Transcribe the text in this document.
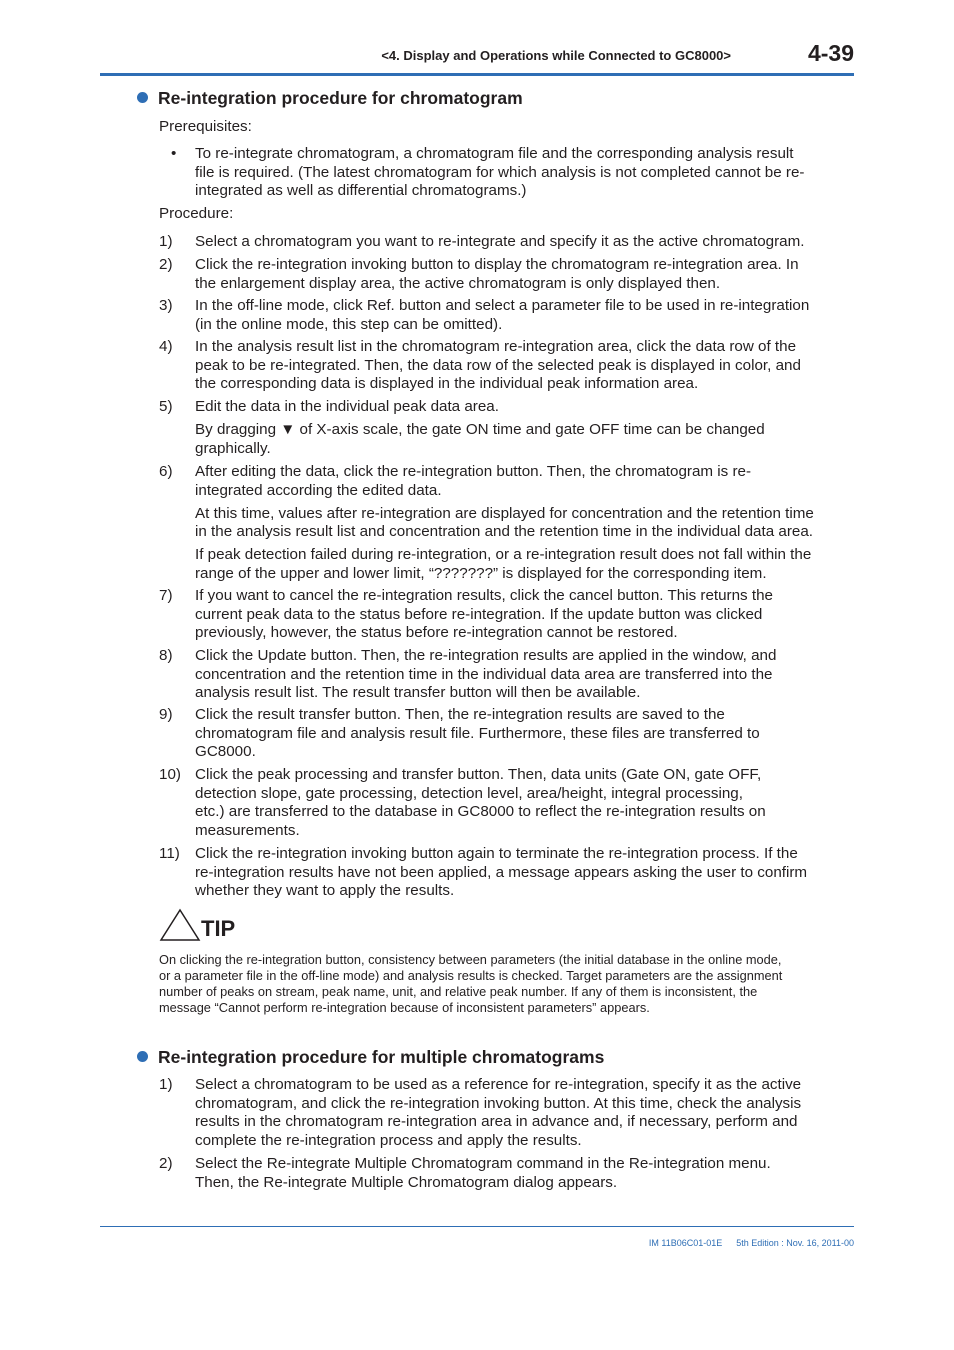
<4. Display and Operations while Connected to GC8000>	4-39
Re-integration procedure for chromatogram
Prerequisites:
• To re-integrate chromatogram, a chromatogram file and the corresponding analysis result
file is required. (The latest chromatogram for which analysis is not completed cannot be re-
integrated as well as differential chromatograms.)
Procedure:
1) Select a chromatogram you want to re-integrate and specify it as the active chromatogram.
2) Click the re-integration invoking button to display the chromatogram re-integration area. In
the enlargement display area, the active chromatogram is only displayed then.
3) In the off-line mode, click Ref. button and select a parameter file to be used in re-integration
(in the online mode, this step can be omitted).
4) In the analysis result list in the chromatogram re-integration area, click the data row of the
peak to be re-integrated. Then, the data row of the selected peak is displayed in color, and
the corresponding data is displayed in the individual peak information area.
5) Edit the data in the individual peak data area.
By dragging ▼ of X-axis scale, the gate ON time and gate OFF time can be changed
graphically.
6) After editing the data, click the re-integration button. Then, the chromatogram is re-
integrated according the edited data.
At this time, values after re-integration are displayed for concentration and the retention time
in the analysis result list and concentration and the retention time in the individual data area.
If peak detection failed during re-integration, or a re-integration result does not fall within the
range of the upper and lower limit, “???????” is displayed for the corresponding item.
7) If you want to cancel the re-integration results, click the cancel button. This returns the
current peak data to the status before re-integration. If the update button was clicked
previously, however, the status before re-integration cannot be restored.
8) Click the Update button. Then, the re-integration results are applied in the window, and
concentration and the retention time in the individual data area are transferred into the
analysis result list. The result transfer button will then be available.
9) Click the result transfer button. Then, the re-integration results are saved to the
chromatogram file and analysis result file. Furthermore, these files are transferred to
GC8000.
10) Click the peak processing and transfer button. Then, data units (Gate ON, gate OFF,
detection slope, gate processing, detection level, area/height, integral processing,
etc.) are transferred to the database in GC8000 to reflect the re-integration results on
measurements.
11) Click the re-integration invoking button again to terminate the re-integration process. If the
re-integration results have not been applied, a message appears asking the user to confirm
whether they want to apply the results.
TIP
On clicking the re-integration button, consistency between parameters (the initial database in the online mode,
or a parameter file in the off-line mode) and analysis results is checked. Target parameters are the assignment
number of peaks on stream, peak name, unit, and relative peak number. If any of them is inconsistent, the
message “Cannot perform re-integration because of inconsistent parameters” appears.
Re-integration procedure for multiple chromatograms
1) Select a chromatogram to be used as a reference for re-integration, specify it as the active
chromatogram, and click the re-integration invoking button. At this time, check the analysis
results in the chromatogram re-integration area in advance and, if necessary, perform and
complete the re-integration process and apply the results.
2) Select the Re-integrate Multiple Chromatogram command in the Re-integration menu.
Then, the Re-integrate Multiple Chromatogram dialog appears.
IM 11B06C01-01E 5th Edition : Nov. 16, 2011-00
